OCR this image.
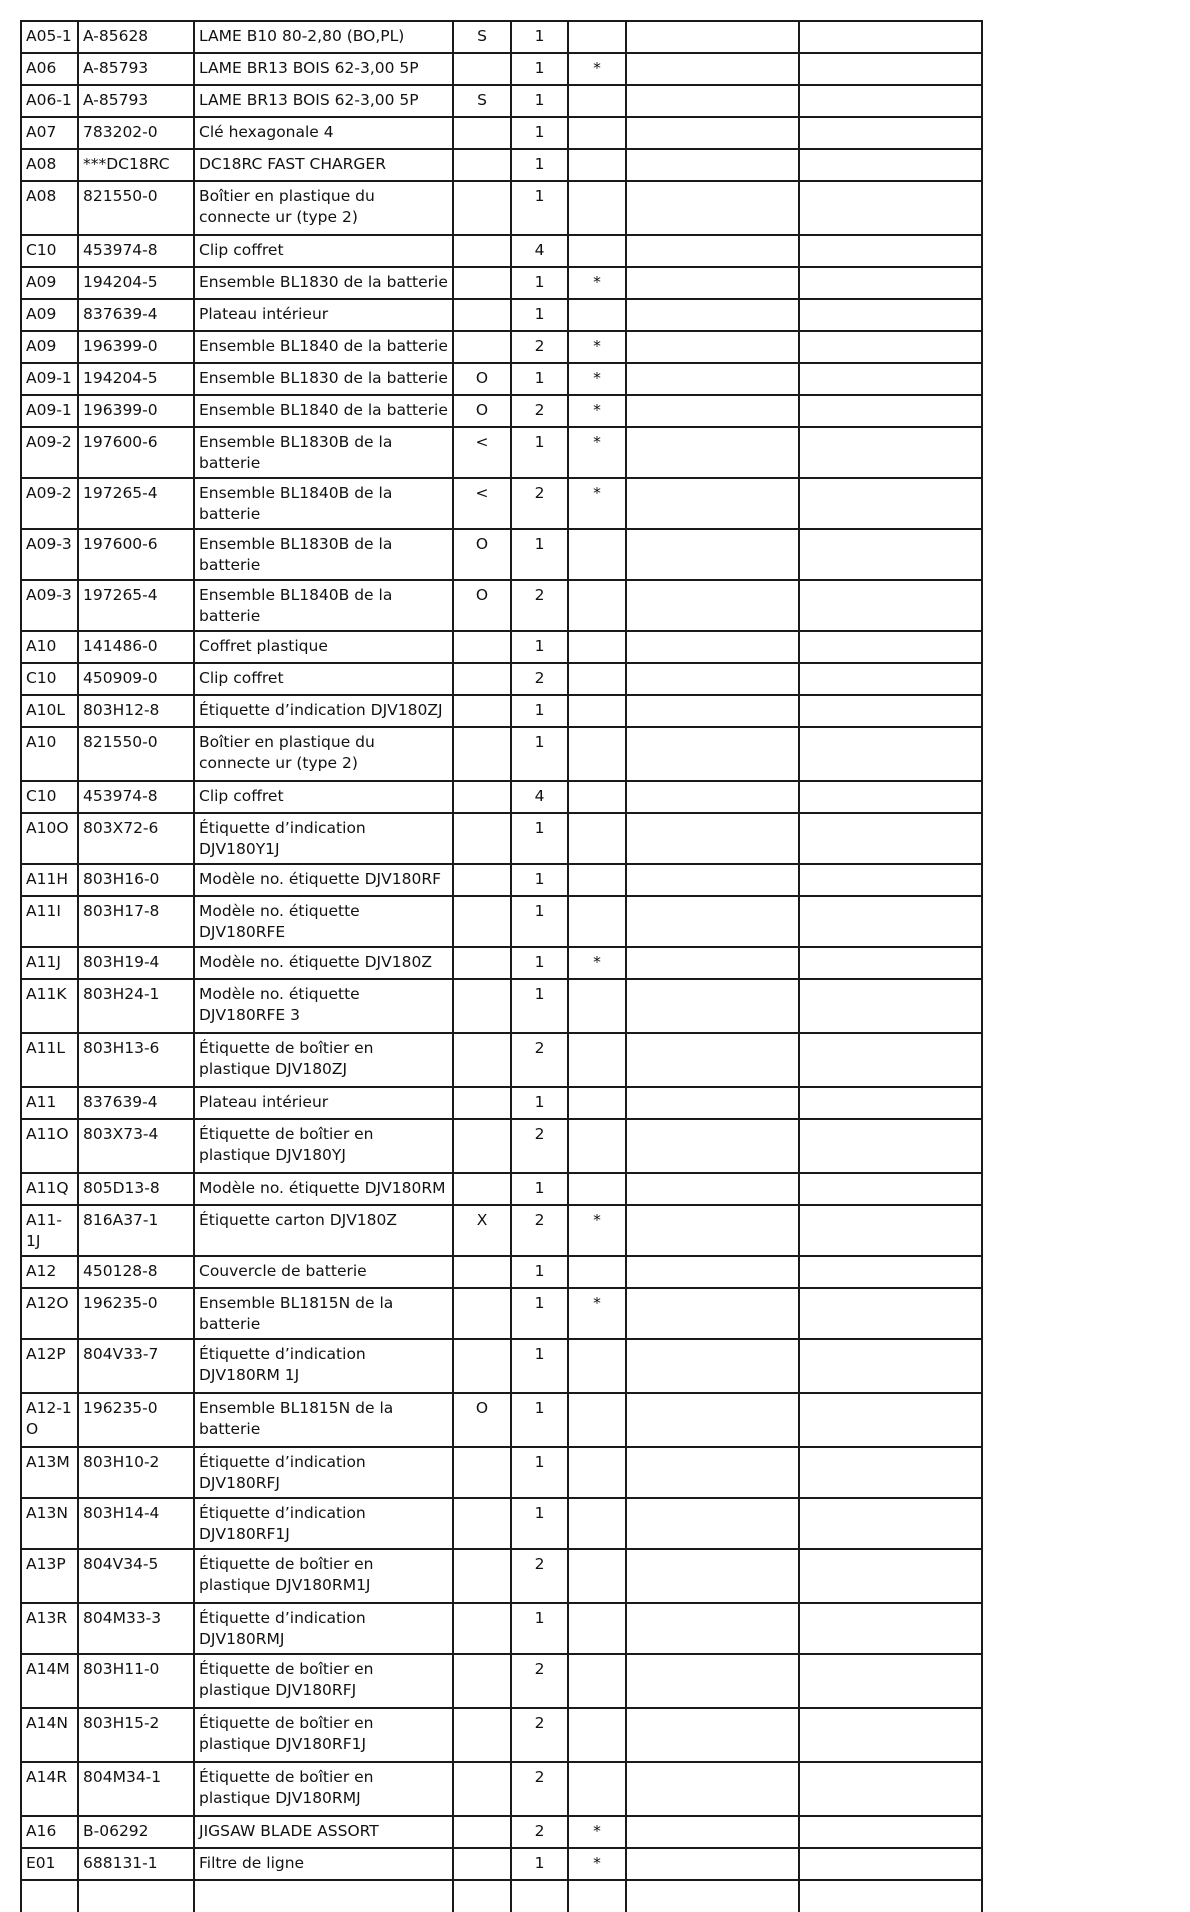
A05-1	A-85628	LAME B10 80-2,80 (BO,PL)	S	1			
A06	A-85793	LAME BR13 BOIS 62-3,00 5P		1	*		
A06-1	A-85793	LAME BR13 BOIS 62-3,00 5P	S	1			
A07	783202-0	Clé hexagonale 4		1			
A08	***DC18RC	DC18RC FAST CHARGER		1			
A08	821550-0	Boîtier en plastique du connecte ur (type 2)		1			
C10	453974-8	Clip coffret		4			
A09	194204-5	Ensemble BL1830 de la batterie		1	*		
A09	837639-4	Plateau intérieur		1			
A09	196399-0	Ensemble BL1840 de la batterie		2	*		
A09-1	194204-5	Ensemble BL1830 de la batterie	O	1	*		
A09-1	196399-0	Ensemble BL1840 de la batterie	O	2	*		
A09-2	197600-6	Ensemble BL1830B de la batterie	<	1	*		
A09-2	197265-4	Ensemble BL1840B de la batterie	<	2	*		
A09-3	197600-6	Ensemble BL1830B de la batterie	O	1			
A09-3	197265-4	Ensemble BL1840B de la batterie	O	2			
A10	141486-0	Coffret plastique		1			
C10	450909-0	Clip coffret		2			
A10L	803H12-8	Étiquette d’indication DJV180ZJ		1			
A10	821550-0	Boîtier en plastique du connecte ur (type 2)		1			
C10	453974-8	Clip coffret		4			
A10O	803X72-6	Étiquette d’indication DJV180Y1J		1			
A11H	803H16-0	Modèle no. étiquette DJV180RF		1			
A11I	803H17-8	Modèle no. étiquette DJV180RFE		1			
A11J	803H19-4	Modèle no. étiquette DJV180Z		1	*		
A11K	803H24-1	Modèle no. étiquette DJV180RFE 3		1			
A11L	803H13-6	Étiquette de boîtier en plastique DJV180ZJ		2			
A11	837639-4	Plateau intérieur		1			
A11O	803X73-4	Étiquette de boîtier en plastique DJV180YJ		2			
A11Q	805D13-8	Modèle no. étiquette DJV180RM		1			
A11-1J	816A37-1	Étiquette carton DJV180Z	X	2	*		
A12	450128-8	Couvercle de batterie		1			
A12O	196235-0	Ensemble BL1815N de la batterie		1	*		
A12P	804V33-7	Étiquette d’indication DJV180RM 1J		1			
A12-1 O	196235-0	Ensemble BL1815N de la batterie	O	1			
A13M	803H10-2	Étiquette d’indication DJV180RFJ		1			
A13N	803H14-4	Étiquette d’indication DJV180RF1J		1			
A13P	804V34-5	Étiquette de boîtier en plastique DJV180RM1J		2			
A13R	804M33-3	Étiquette d’indication DJV180RMJ		1			
A14M	803H11-0	Étiquette de boîtier en plastique DJV180RFJ		2			
A14N	803H15-2	Étiquette de boîtier en plastique DJV180RF1J		2			
A14R	804M34-1	Étiquette de boîtier en plastique DJV180RMJ		2			
A16	B-06292	JIGSAW BLADE ASSORT		2	*		
E01	688131-1	Filtre de ligne		1	*		
